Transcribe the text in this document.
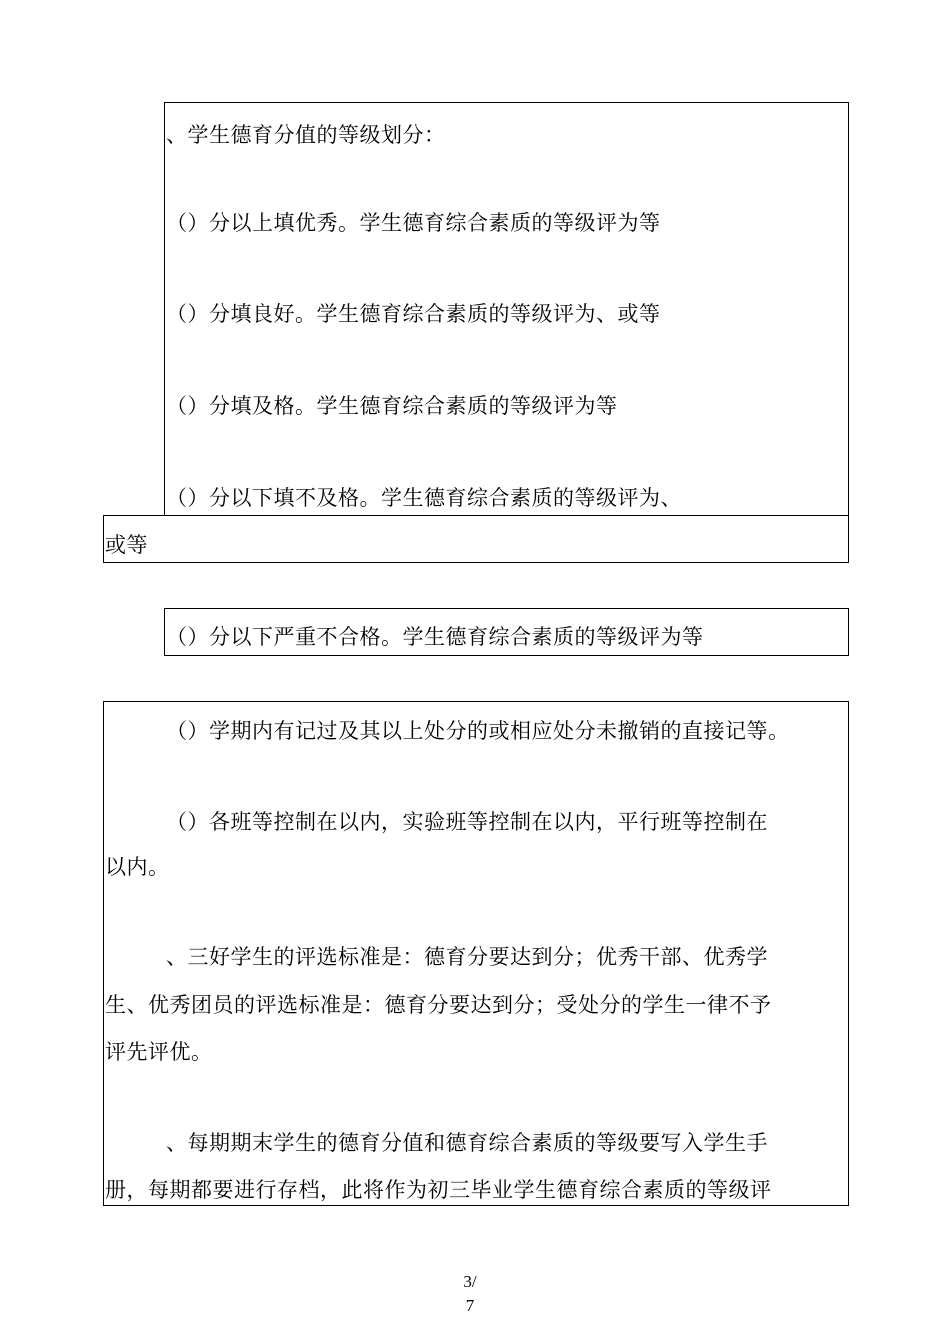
、学生德育分值的等级划分：
（）分以上填优秀。学生德育综合素质的等级评为等
（）分填良好。学生德育综合素质的等级评为、或等
（）分填及格。学生德育综合素质的等级评为等
（）分以下填不及格。学生德育综合素质的等级评为、
或等
（）分以下严重不合格。学生德育综合素质的等级评为等
（）学期内有记过及其以上处分的或相应处分未撤销的直接记等。
（）各班等控制在以内，实验班等控制在以内，平行班等控制在
以内。
、三好学生的评选标准是：德育分要达到分；优秀干部、优秀学
生、优秀团员的评选标准是：德育分要达到分；受处分的学生一律不予
评先评优。
、每期期末学生的德育分值和德育综合素质的等级要写入学生手
册，每期都要进行存档，此将作为初三毕业学生德育综合素质的等级评
3/
7
